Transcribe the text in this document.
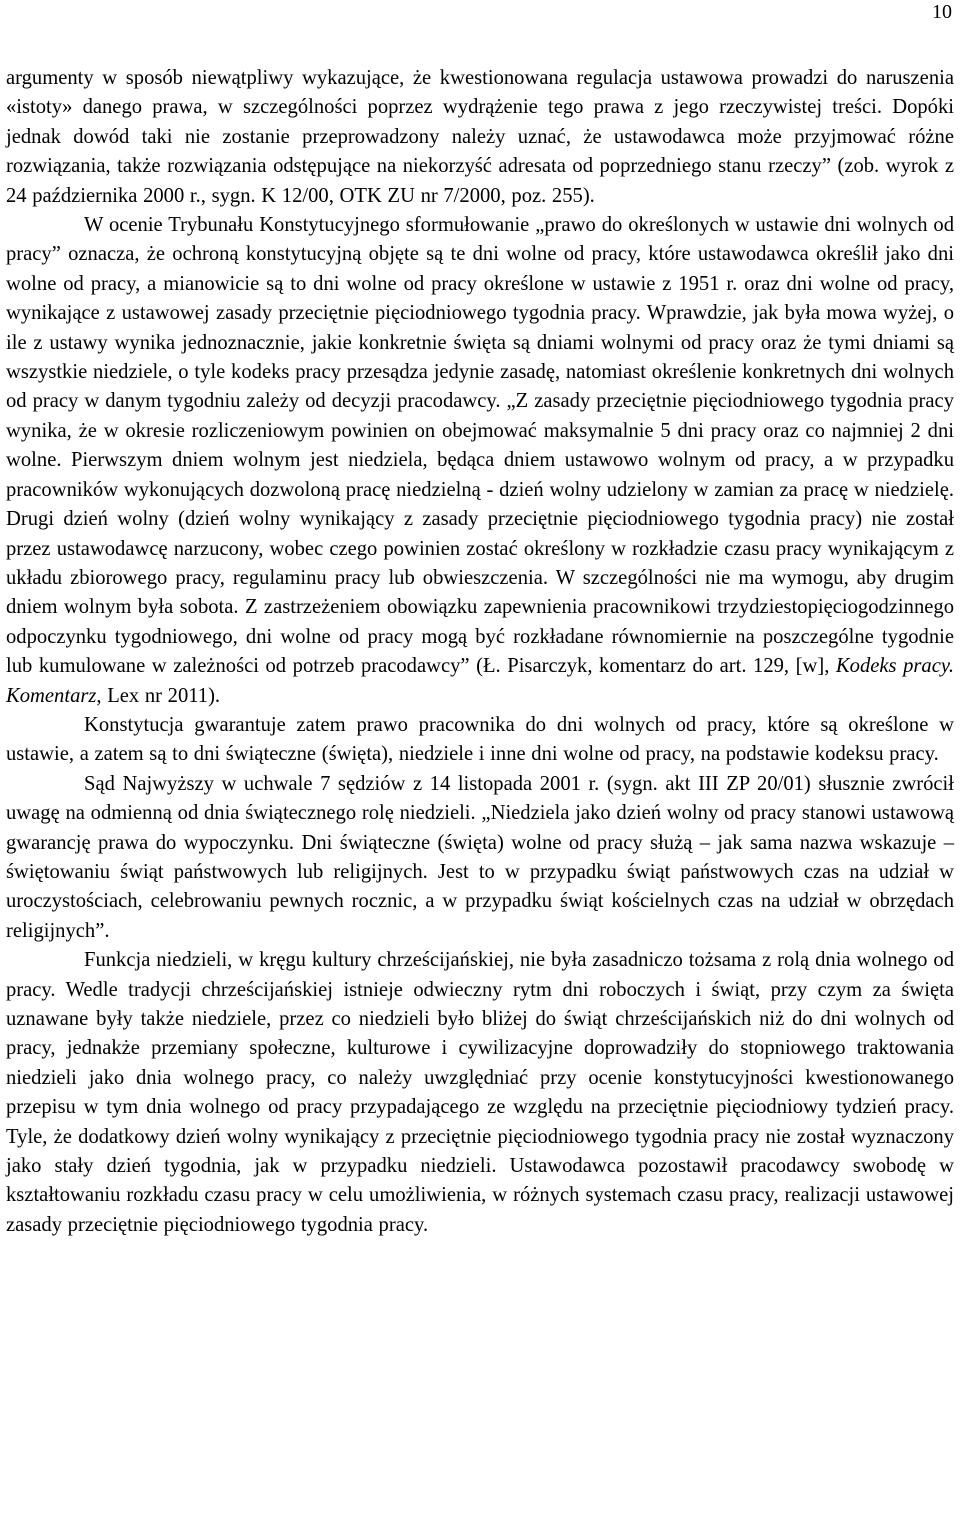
10

argumenty w sposób niewątpliwy wykazujące, że kwestionowana regulacja ustawowa prowadzi do naruszenia «istoty» danego prawa, w szczególności poprzez wydrążenie tego prawa z jego rzeczywistej treści. Dopóki jednak dowód taki nie zostanie przeprowadzony należy uznać, że ustawodawca może przyjmować różne rozwiązania, także rozwiązania odstępujące na niekorzyść adresata od poprzedniego stanu rzeczy” (zob. wyrok z 24 października 2000 r., sygn. K 12/00, OTK ZU nr 7/2000, poz. 255).

W ocenie Trybunału Konstytucyjnego sformułowanie „prawo do określonych w ustawie dni wolnych od pracy” oznacza, że ochroną konstytucyjną objęte są te dni wolne od pracy, które ustawodawca określił jako dni wolne od pracy, a mianowicie są to dni wolne od pracy określone w ustawie z 1951 r. oraz dni wolne od pracy, wynikające z ustawowej zasady przeciętnie pięciodniowego tygodnia pracy. Wprawdzie, jak była mowa wyżej, o ile z ustawy wynika jednoznacznie, jakie konkretnie święta są dniami wolnymi od pracy oraz że tymi dniami są wszystkie niedziele, o tyle kodeks pracy przesądza jedynie zasadę, natomiast określenie konkretnych dni wolnych od pracy w danym tygodniu zależy od decyzji pracodawcy. „Z zasady przeciętnie pięciodniowego tygodnia pracy wynika, że w okresie rozliczeniowym powinien on obejmować maksymalnie 5 dni pracy oraz co najmniej 2 dni wolne. Pierwszym dniem wolnym jest niedziela, będąca dniem ustawowo wolnym od pracy, a w przypadku pracowników wykonujących dozwoloną pracę niedzielną - dzień wolny udzielony w zamian za pracę w niedzielę. Drugi dzień wolny (dzień wolny wynikający z zasady przeciętnie pięciodniowego tygodnia pracy) nie został przez ustawodawcę narzucony, wobec czego powinien zostać określony w rozkładzie czasu pracy wynikającym z układu zbiorowego pracy, regulaminu pracy lub obwieszczenia. W szczególności nie ma wymogu, aby drugim dniem wolnym była sobota. Z zastrzeżeniem obowiązku zapewnienia pracownikowi trzydziestopięciogodzinnego odpoczynku tygodniowego, dni wolne od pracy mogą być rozkładane równomiernie na poszczególne tygodnie lub kumulowane w zależności od potrzeb pracodawcy” (Ł. Pisarczyk, komentarz do art. 129, [w], Kodeks pracy. Komentarz, Lex nr 2011).

Konstytucja gwarantuje zatem prawo pracownika do dni wolnych od pracy, które są określone w ustawie, a zatem są to dni świąteczne (święta), niedziele i inne dni wolne od pracy, na podstawie kodeksu pracy.

Sąd Najwyższy w uchwale 7 sędziów z 14 listopada 2001 r. (sygn. akt III ZP 20/01) słusznie zwrócił uwagę na odmienną od dnia świątecznego rolę niedzieli. „Niedziela jako dzień wolny od pracy stanowi ustawową gwarancję prawa do wypoczynku. Dni świąteczne (święta) wolne od pracy służą – jak sama nazwa wskazuje – świętowaniu świąt państwowych lub religijnych. Jest to w przypadku świąt państwowych czas na udział w uroczystościach, celebrowaniu pewnych rocznic, a w przypadku świąt kościelnych czas na udział w obrzędach religijnych”.

Funkcja niedzieli, w kręgu kultury chrześcijańskiej, nie była zasadniczo tożsama z rolą dnia wolnego od pracy. Wedle tradycji chrześcijańskiej istnieje odwieczny rytm dni roboczych i świąt, przy czym za święta uznawane były także niedziele, przez co niedzieli było bliżej do świąt chrześcijańskich niż do dni wolnych od pracy, jednakże przemiany społeczne, kulturowe i cywilizacyjne doprowadziły do stopniowego traktowania niedzieli jako dnia wolnego pracy, co należy uwzględniać przy ocenie konstytucyjności kwestionowanego przepisu w tym dnia wolnego od pracy przypadającego ze względu na przeciętnie pięciodniowy tydzień pracy. Tyle, że dodatkowy dzień wolny wynikający z przeciętnie pięciodniowego tygodnia pracy nie został wyznaczony jako stały dzień tygodnia, jak w przypadku niedzieli. Ustawodawca pozostawił pracodawcy swobodę w kształtowaniu rozkładu czasu pracy w celu umożliwienia, w różnych systemach czasu pracy, realizacji ustawowej zasady przeciętnie pięciodniowego tygodnia pracy.
